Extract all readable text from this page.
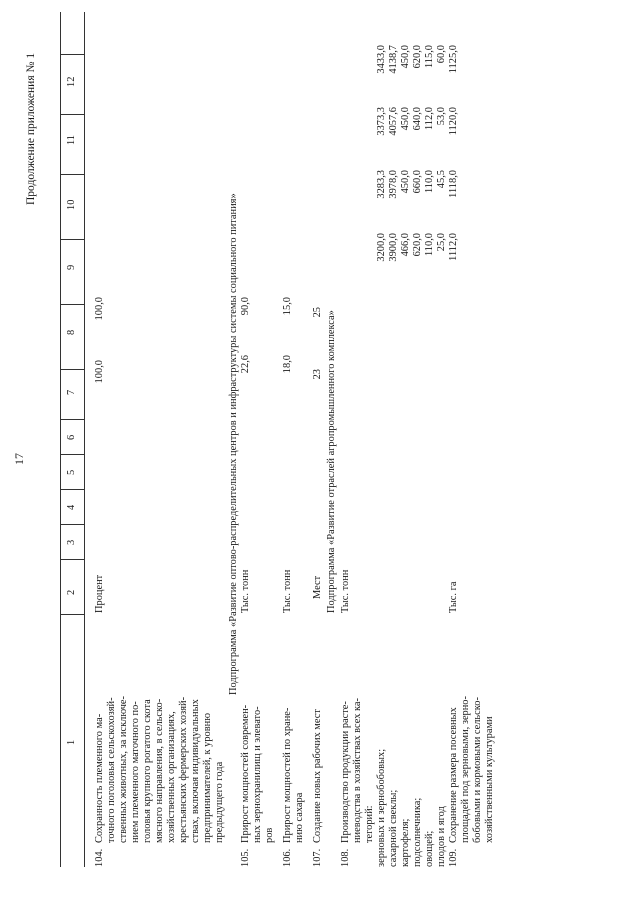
17
Продолжение приложения № 1
1
2
3
4
5
6
7
8
9
10
11
12
104.
Сохранность племенного ма- точного поголовья сельскохозяй- ственных животных, за исключе- нием племенного маточного по- головья крупного рогатого скота мясного направления, в сельско- хозяйственных организациях, крестьянских фермерских хозяй- ствах, включая индивидуальных предпринимателей, к уровню предыдущего года
Процент
100,0
100,0	Подпрограмма «Развитие оптово-распределительных центров и инфраструктуры системы социального питания»
105.
Прирост мощностей современ- ных зернохранилищ и элевато- ров
Тыс. тонн
22,6
90,0
106.
Прирост мощностей по хране- нию сахара
Тыс. тонн
18,0
15,0
107.
Создание новых рабочих мест
Мест
23
25 Подпрограмма «Развитие отраслей агропромышленного комплекса»
108.
Производство продукции расте- ниеводства в хозяйствах всех ка- тегорий: зерновых и зернобобовых; сахарной свеклы; картофеля; подсолнечника; овощей; плодов и ягод
Тыс. тонн
3200,0 3900,0 466,0 620,0 110,0 25,0
3283,3 3978,0 450,0 660,0 110,0 45,5
3373,3 4057,6 450,0 640,0 112,0 53,0
3433,0 4138,7 450,0 620,0 115,0 60,0
109.
Сохранение размера посевных площадей под зерновыми, зерно- бобовыми и кормовыми сельско- хозяйственными культурами
Тыс. га
1112,0
1118,0
1120,0
1125,0
